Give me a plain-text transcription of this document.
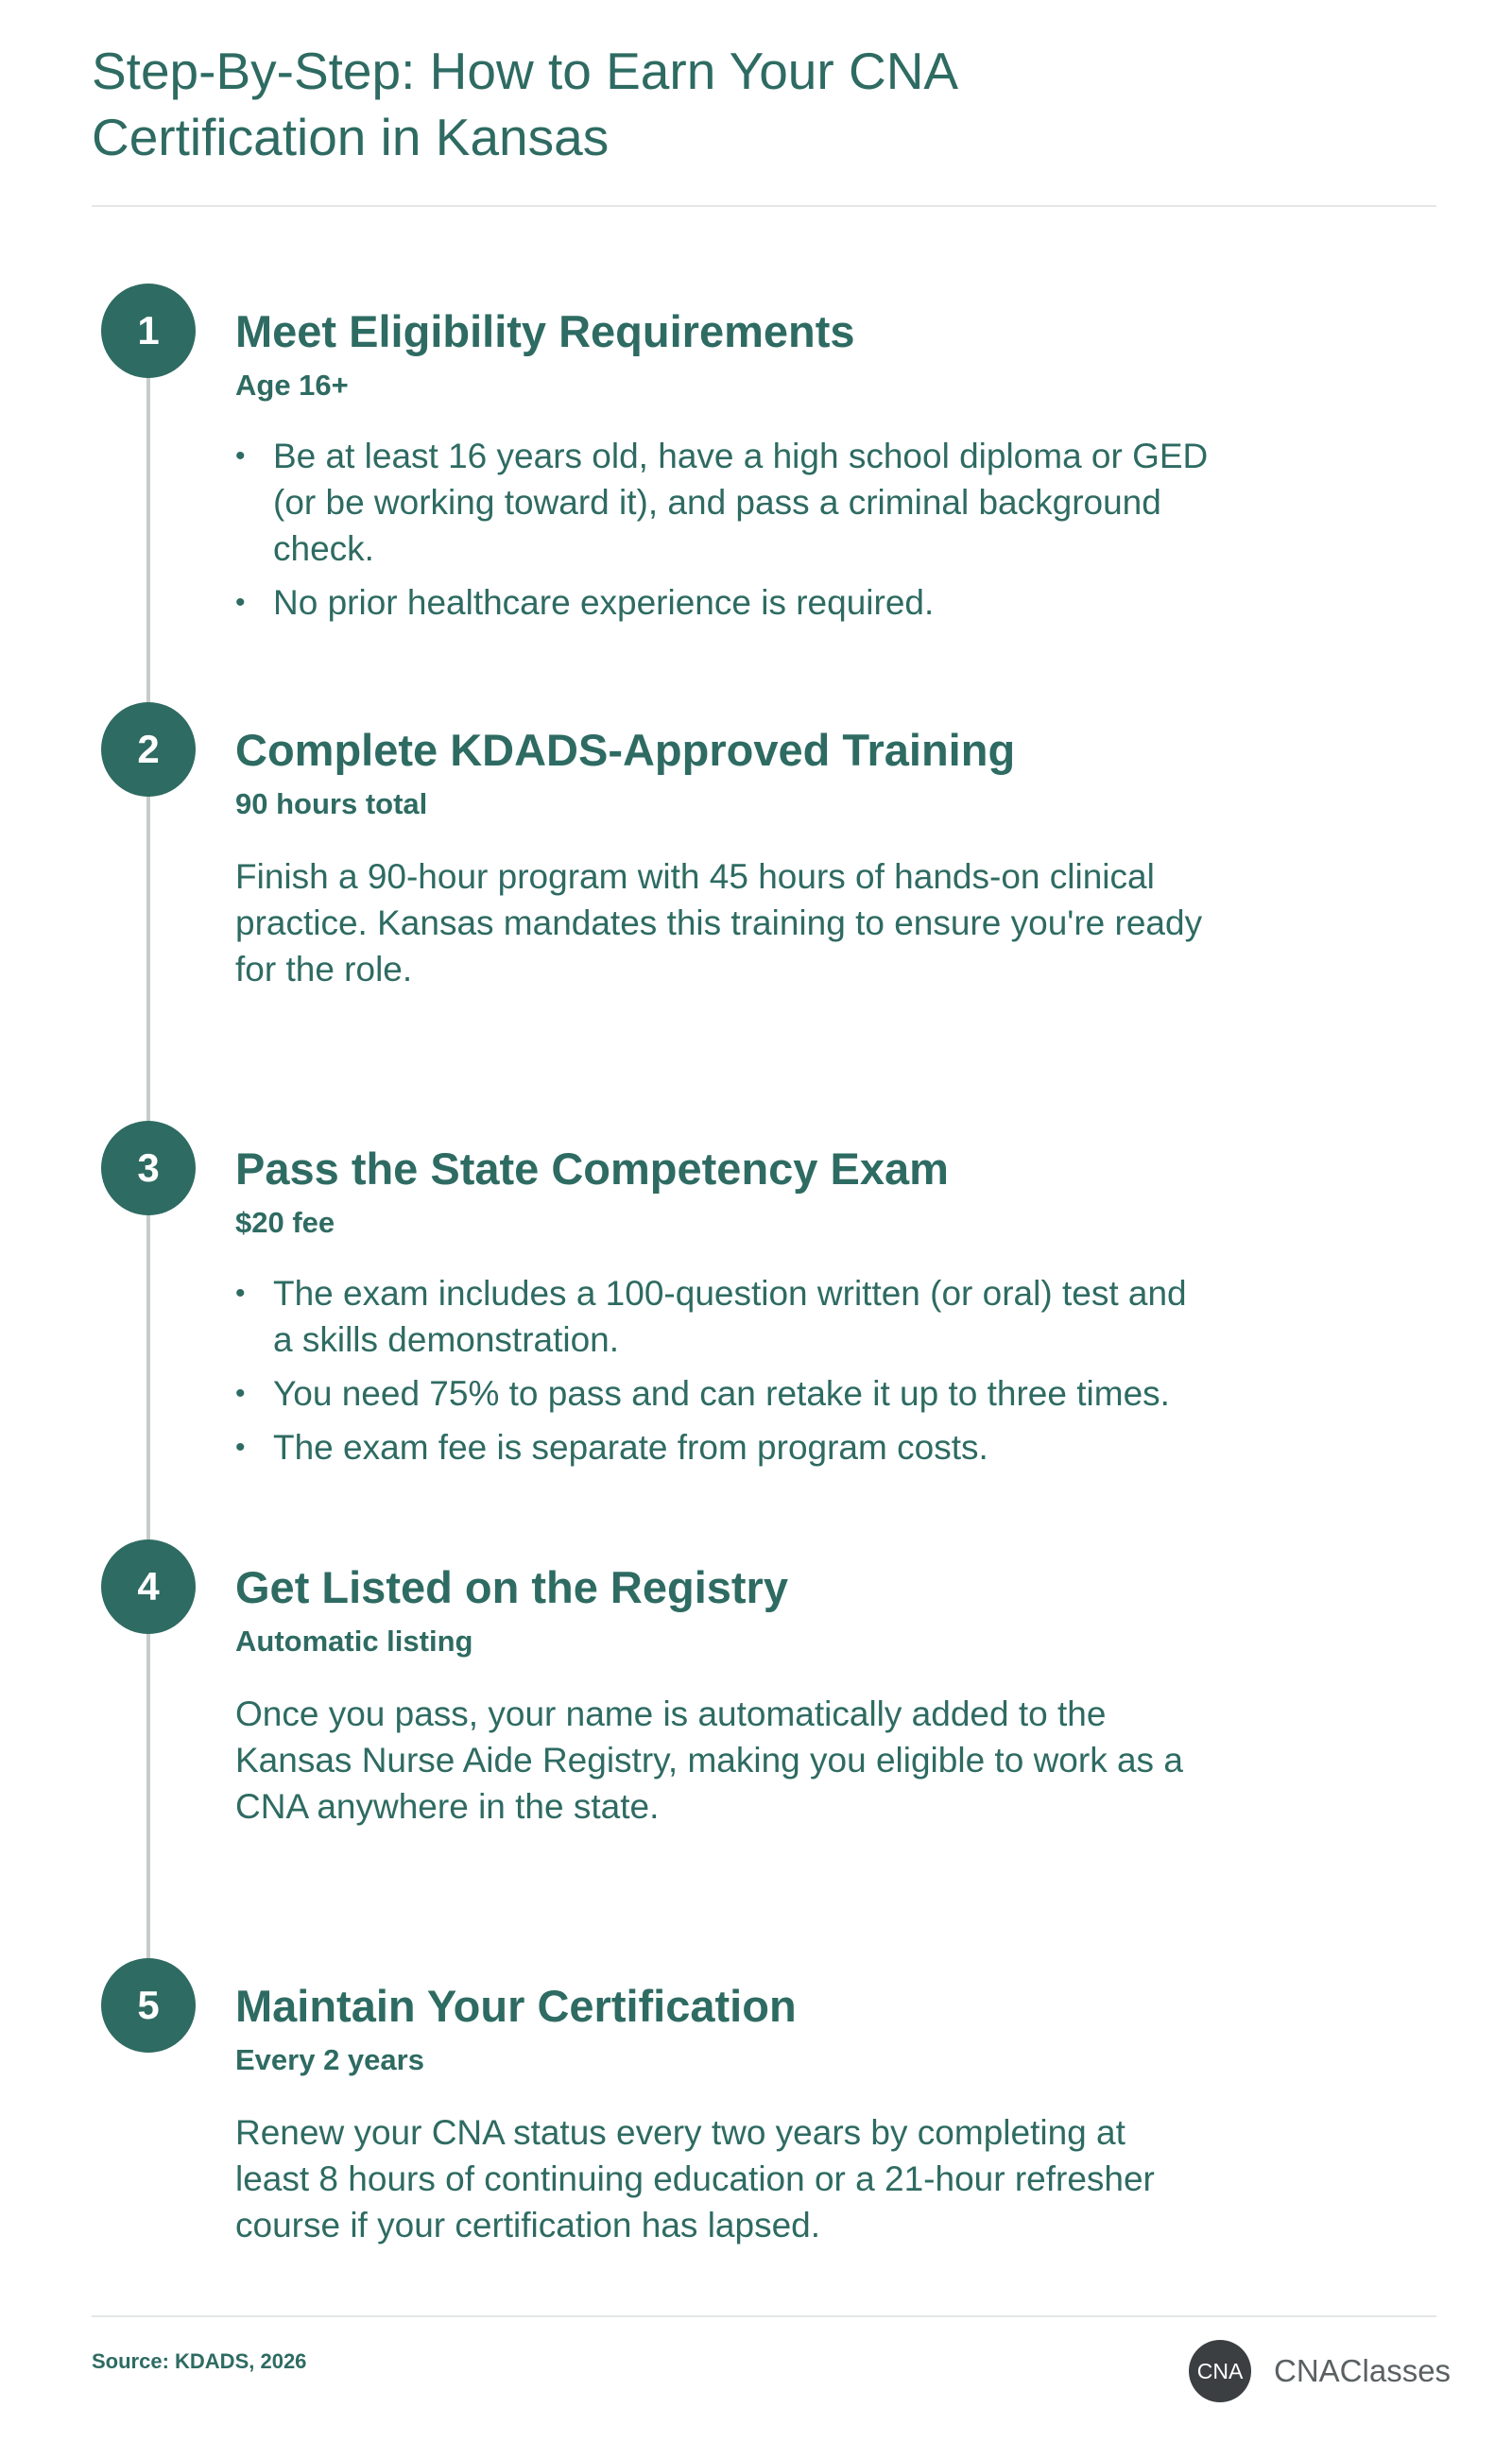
Step-By-Step: How to Earn Your CNA Certification in Kansas
1	Meet Eligibility Requirements

Age 16+

• Be at least 16 years old, have a high school diploma or GED (or be working toward it), and pass a criminal background check.
• No prior healthcare experience is required.
2	Complete KDADS-Approved Training

90 hours total

Finish a 90-hour program with 45 hours of hands-on clinical practice. Kansas mandates this training to ensure you're ready for the role.

3	Pass the State Competency Exam

$20 fee

• The exam includes a 100-question written (or oral) test and a skills demonstration.
• You need 75% to pass and can retake it up to three times.
• The exam fee is separate from program costs.
4	Get Listed on the Registry

Automatic listing

Once you pass, your name is automatically added to the Kansas Nurse Aide Registry, making you eligible to work as a CNA anywhere in the state.

5	Maintain Your Certification

Every 2 years

Renew your CNA status every two years by completing at least 8 hours of continuing education or a 21-hour refresher course if your certification has lapsed.

Source: KDADS, 2026	CNA CNAClasses
